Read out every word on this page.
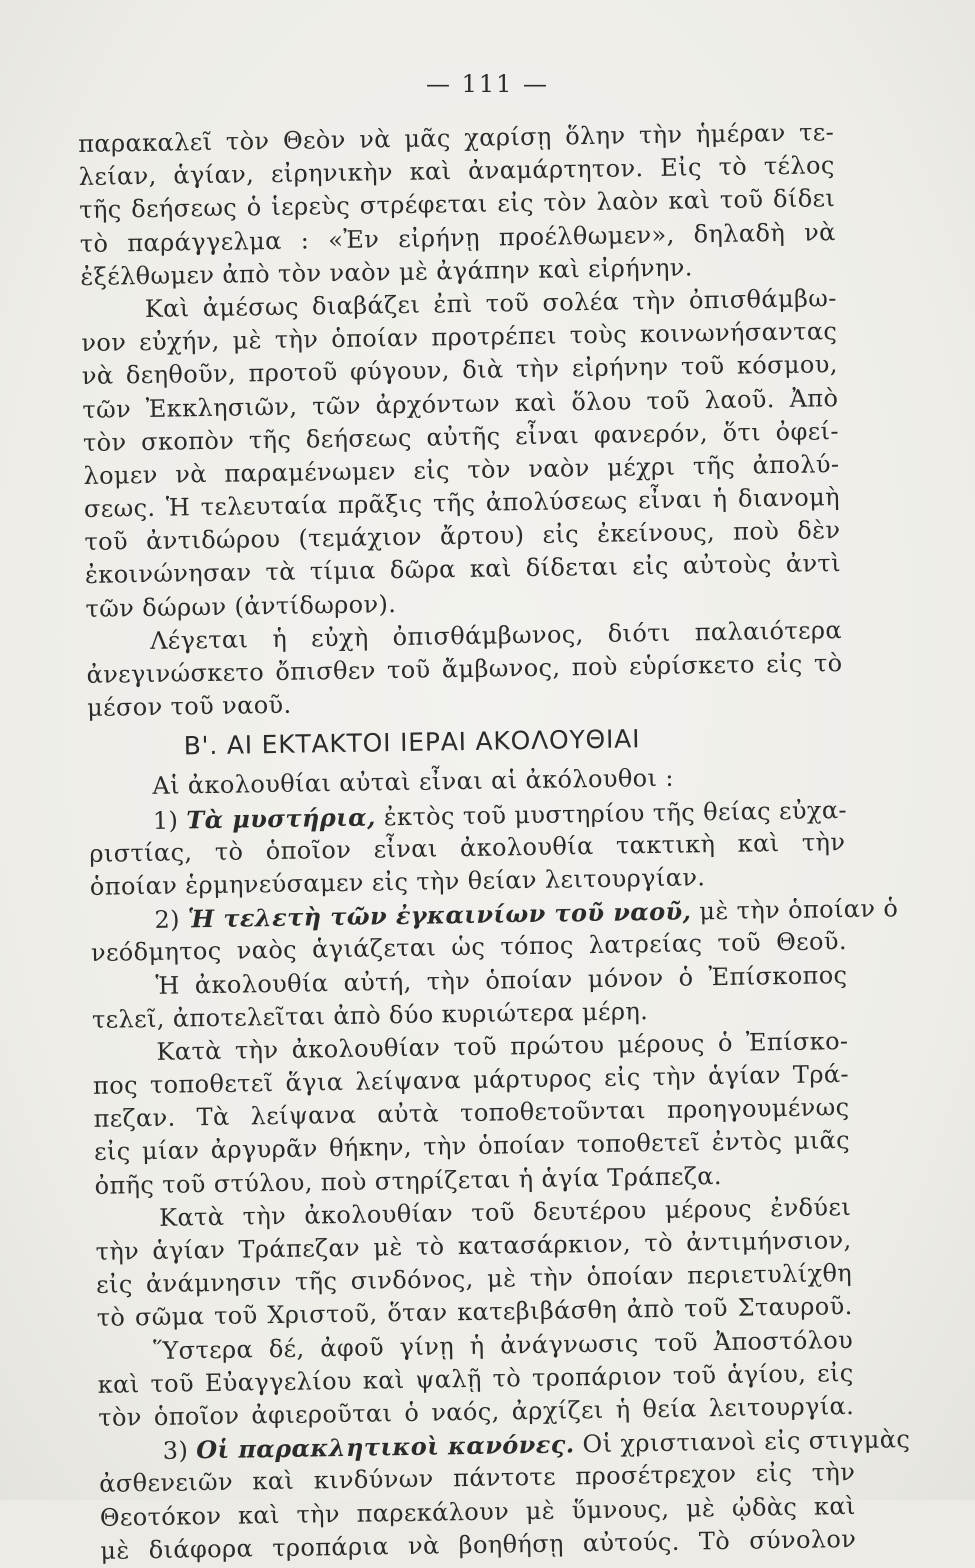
— 111 —
παρακαλεῖ τὸν Θεὸν νὰ μᾶς χαρίσῃ ὅλην τὴν ἡμέραν τε-
λείαν, ἁγίαν, εἰρηνικὴν καὶ ἀναμάρτητον. Εἰς τὸ τέλος
τῆς δεήσεως ὁ ἱερεὺς στρέφεται εἰς τὸν λαὸν καὶ τοῦ δίδει
τὸ παράγγελμα : «Ἐν εἰρήνῃ προέλθωμεν», δηλαδὴ νὰ
ἐξέλθωμεν ἀπὸ τὸν ναὸν μὲ ἀγάπην καὶ εἰρήνην.
Καὶ ἀμέσως διαβάζει ἐπὶ τοῦ σολέα τὴν ὀπισθάμβω-
νον εὐχήν, μὲ τὴν ὁποίαν προτρέπει τοὺς κοινωνήσαντας
νὰ δεηθοῦν, προτοῦ φύγουν, διὰ τὴν εἰρήνην τοῦ κόσμου,
τῶν Ἐκκλησιῶν, τῶν ἀρχόντων καὶ ὅλου τοῦ λαοῦ. Ἀπὸ
τὸν σκοπὸν τῆς δεήσεως αὐτῆς εἶναι φανερόν, ὅτι ὀφεί-
λομεν νὰ παραμένωμεν εἰς τὸν ναὸν μέχρι τῆς ἀπολύ-
σεως. Ἡ τελευταία πρᾶξις τῆς ἀπολύσεως εἶναι ἡ διανομὴ
τοῦ ἀντιδώρου (τεμάχιον ἄρτου) εἰς ἐκείνους, ποὺ δὲν
ἐκοινώνησαν τὰ τίμια δῶρα καὶ δίδεται εἰς αὐτοὺς ἀντὶ
τῶν δώρων (ἀντίδωρον).
Λέγεται ἡ εὐχὴ ὀπισθάμβωνος, διότι παλαιότερα
ἀνεγινώσκετο ὄπισθεν τοῦ ἄμβωνος, ποὺ εὑρίσκετο εἰς τὸ
μέσον τοῦ ναοῦ.
Β'. ΑΙ ΕΚΤΑΚΤΟΙ ΙΕΡΑΙ ΑΚΟΛΟΥΘΙΑΙ
Αἱ ἀκολουθίαι αὐταὶ εἶναι αἱ ἀκόλουθοι :
1) Τὰ μυστήρια, ἐκτὸς τοῦ μυστηρίου τῆς θείας εὐχα-
ριστίας, τὸ ὁποῖον εἶναι ἀκολουθία τακτικὴ καὶ τὴν
ὁποίαν ἑρμηνεύσαμεν εἰς τὴν θείαν λειτουργίαν.
2) Ἡ τελετὴ τῶν ἐγκαινίων τοῦ ναοῦ, μὲ τὴν ὁποίαν ὁ
νεόδμητος ναὸς ἁγιάζεται ὡς τόπος λατρείας τοῦ Θεοῦ.
Ἡ ἀκολουθία αὐτή, τὴν ὁποίαν μόνον ὁ Ἐπίσκοπος
τελεῖ, ἀποτελεῖται ἀπὸ δύο κυριώτερα μέρη.
Κατὰ τὴν ἀκολουθίαν τοῦ πρώτου μέρους ὁ Ἐπίσκο-
πος τοποθετεῖ ἅγια λείψανα μάρτυρος εἰς τὴν ἁγίαν Τρά-
πεζαν. Τὰ λείψανα αὐτὰ τοποθετοῦνται προηγουμένως
εἰς μίαν ἀργυρᾶν θήκην, τὴν ὁποίαν τοποθετεῖ ἐντὸς μιᾶς
ὀπῆς τοῦ στύλου, ποὺ στηρίζεται ἡ ἁγία Τράπεζα.
Κατὰ τὴν ἀκολουθίαν τοῦ δευτέρου μέρους ἐνδύει
τὴν ἁγίαν Τράπεζαν μὲ τὸ κατασάρκιον, τὸ ἀντιμήνσιον,
εἰς ἀνάμνησιν τῆς σινδόνος, μὲ τὴν ὁποίαν περιετυλίχθη
τὸ σῶμα τοῦ Χριστοῦ, ὅταν κατεβιβάσθη ἀπὸ τοῦ Σταυροῦ.
Ὕστερα δέ, ἀφοῦ γίνῃ ἡ ἀνάγνωσις τοῦ Ἀποστόλου
καὶ τοῦ Εὐαγγελίου καὶ ψαλῇ τὸ τροπάριον τοῦ ἁγίου, εἰς
τὸν ὁποῖον ἀφιεροῦται ὁ ναός, ἀρχίζει ἡ θεία λειτουργία.
3) Οἱ παρακλητικοὶ κανόνες. Οἱ χριστιανοὶ εἰς στιγμὰς
ἀσθενειῶν καὶ κινδύνων πάντοτε προσέτρεχον εἰς τὴν
Θεοτόκον καὶ τὴν παρεκάλουν μὲ ὕμνους, μὲ ᾠδὰς καὶ
μὲ διάφορα τροπάρια νὰ βοηθήσῃ αὐτούς. Τὸ σύνολον
